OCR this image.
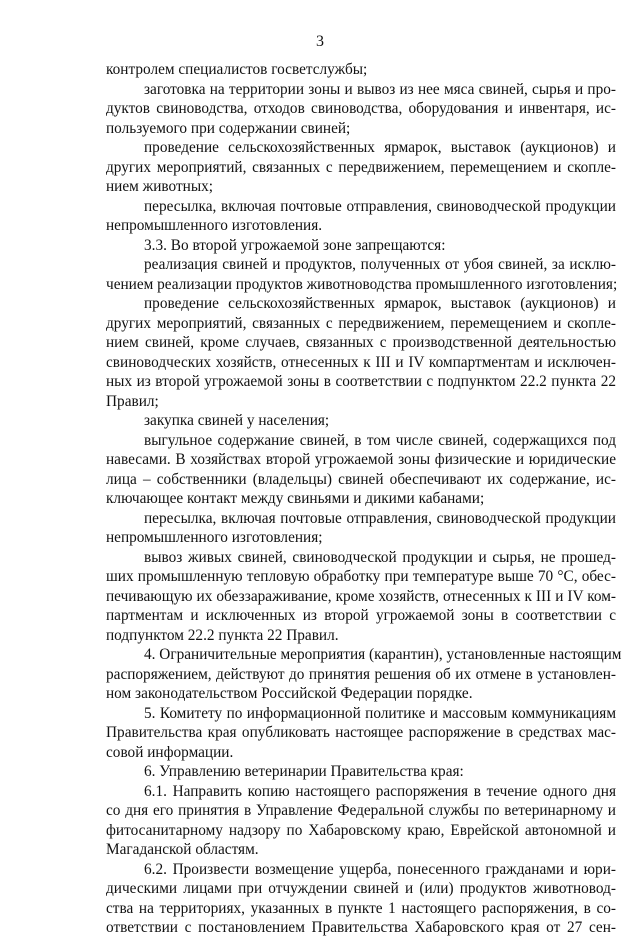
3
контролем специалистов госветслужбы;
заготовка на территории зоны и вывоз из нее мяса свиней, сырья и про-
дуктов свиноводства, отходов свиноводства, оборудования и инвентаря, ис-
пользуемого при содержании свиней;
проведение сельскохозяйственных ярмарок, выставок (аукционов) и
других мероприятий, связанных с передвижением, перемещением и скопле-
нием животных;
пересылка, включая почтовые отправления, свиноводческой продукции
непромышленного изготовления.
3.3. Во второй угрожаемой зоне запрещаются:
реализация свиней и продуктов, полученных от убоя свиней, за исклю-
чением реализации продуктов животноводства промышленного изготовления;
проведение сельскохозяйственных ярмарок, выставок (аукционов) и
других мероприятий, связанных с передвижением, перемещением и скопле-
нием свиней, кроме случаев, связанных с производственной деятельностью
свиноводческих хозяйств, отнесенных к III и IV компартментам и исключен-
ных из второй угрожаемой зоны в соответствии с подпунктом 22.2 пункта 22
Правил;
закупка свиней у населения;
выгульное содержание свиней, в том числе свиней, содержащихся под
навесами. В хозяйствах второй угрожаемой зоны физические и юридические
лица – собственники (владельцы) свиней обеспечивают их содержание, ис-
ключающее контакт между свиньями и дикими кабанами;
пересылка, включая почтовые отправления, свиноводческой продукции
непромышленного изготовления;
вывоз живых свиней, свиноводческой продукции и сырья, не прошед-
ших промышленную тепловую обработку при температуре выше 70 °С, обес-
печивающую их обеззараживание, кроме хозяйств, отнесенных к III и IV ком-
партментам и исключенных из второй угрожаемой зоны в соответствии с
подпунктом 22.2 пункта 22 Правил.
4. Ограничительные мероприятия (карантин), установленные настоящим
распоряжением, действуют до принятия решения об их отмене в установлен-
ном законодательством Российской Федерации порядке.
5. Комитету по информационной политике и массовым коммуникациям
Правительства края опубликовать настоящее распоряжение в средствах мас-
совой информации.
6. Управлению ветеринарии Правительства края:
6.1. Направить копию настоящего распоряжения в течение одного дня
со дня его принятия в Управление Федеральной службы по ветеринарному и
фитосанитарному надзору по Хабаровскому краю, Еврейской автономной и
Магаданской областям.
6.2. Произвести возмещение ущерба, понесенного гражданами и юри-
дическими лицами при отчуждении свиней и (или) продуктов животновод-
ства на территориях, указанных в пункте 1 настоящего распоряжения, в со-
ответствии с постановлением Правительства Хабаровского края от 27 сен-
